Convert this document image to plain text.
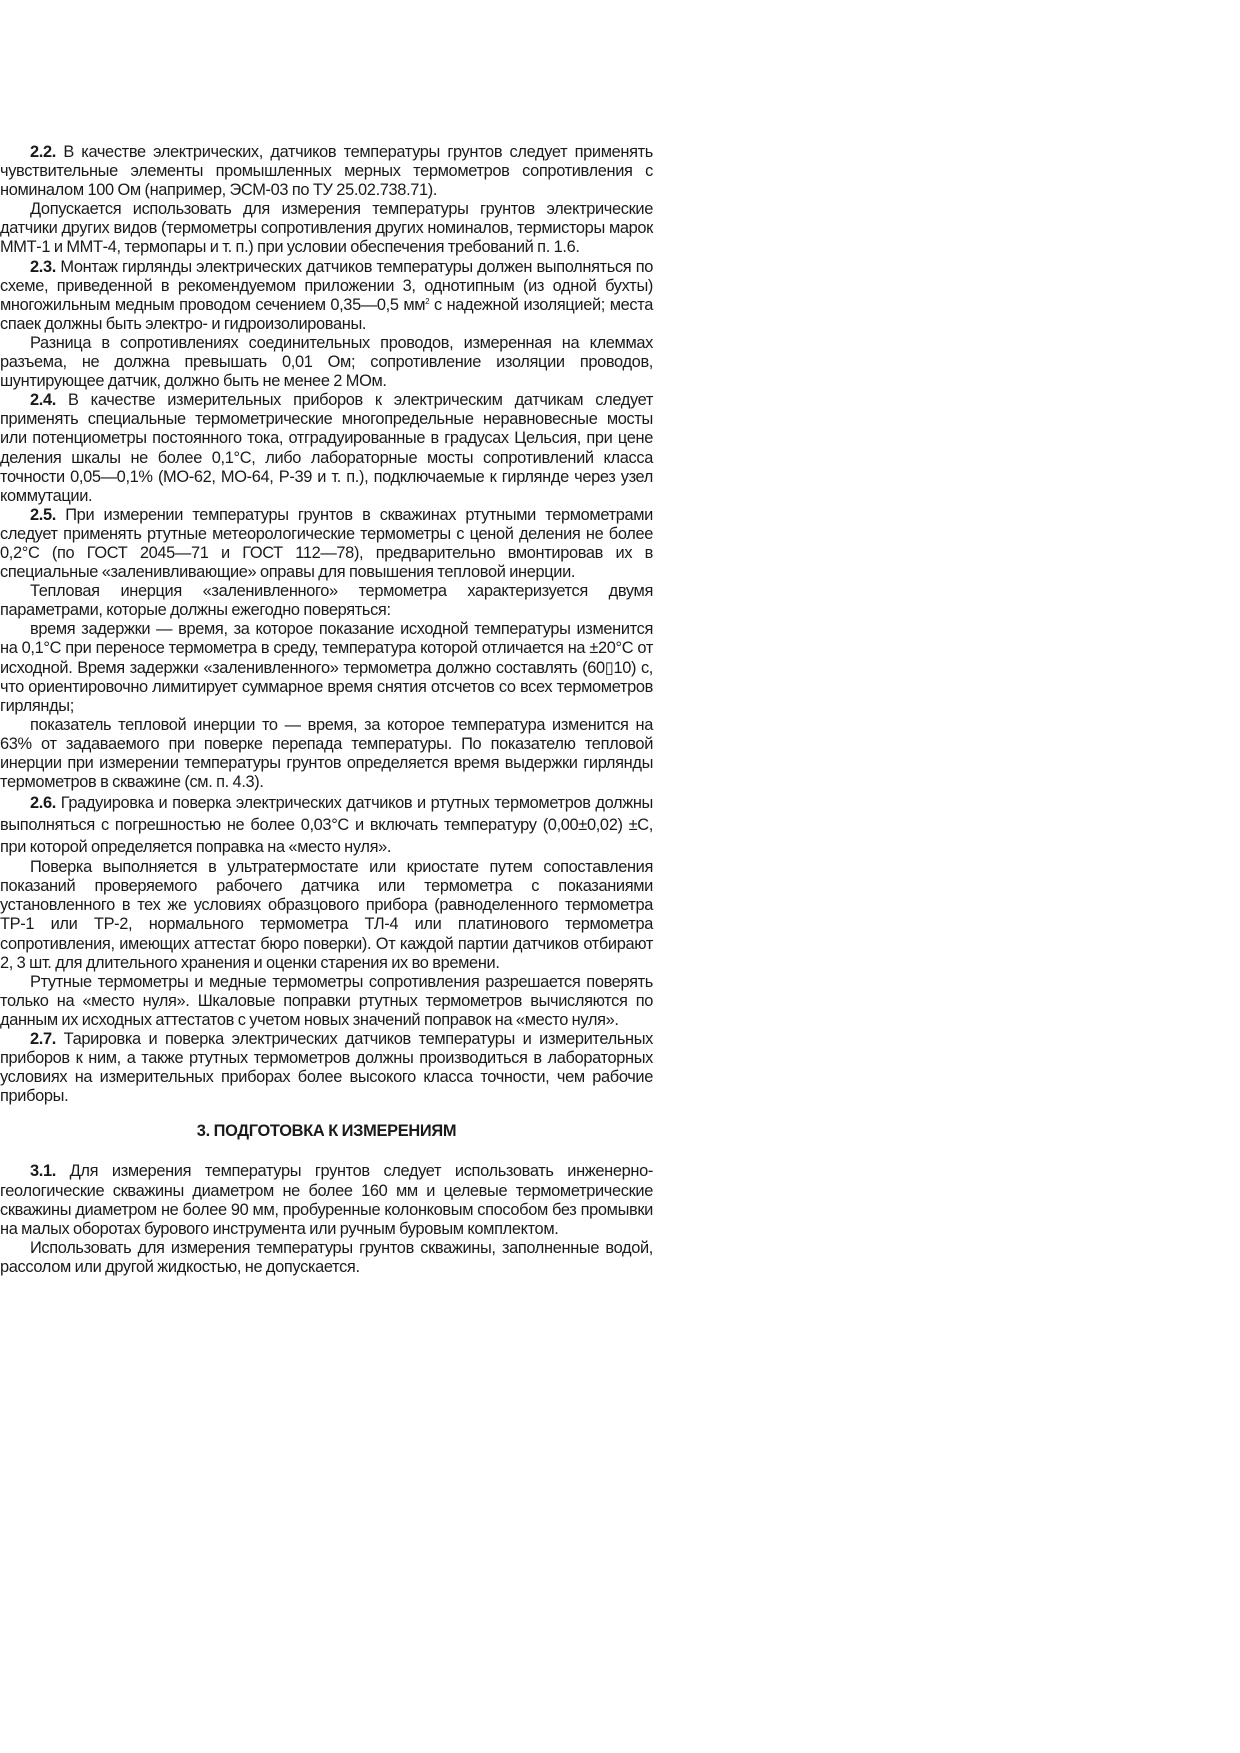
2.2. В качестве электрических, датчиков температуры грунтов следует применять чувствительные элементы промышленных мерных термометров сопротивления с номиналом 100 Ом (например, ЭСМ-03 по ТУ 25.02.738.71).

Допускается использовать для измерения температуры грунтов электрические датчики других видов (термометры сопротивления других номиналов, термисторы марок ММТ-1 и ММТ-4, термопары и т. п.) при условии обеспечения требований п. 1.6.

2.3. Монтаж гирлянды электрических датчиков температуры должен выполняться по схеме, приведенной в рекомендуемом приложении 3, однотипным (из одной бухты) многожильным медным проводом сечением 0,35—0,5 $мм^2$ с надежной изоляцией; места спаек должны быть электро- и гидроизолированы.

Разница в сопротивлениях соединительных проводов, измеренная на клеммах разъема, не должна превышать 0,01 Ом; сопротивление изоляции проводов, шунтирующее датчик, должно быть не менее 2 МОм.

2.4. В качестве измерительных приборов к электрическим датчикам следует применять специальные термометрические многопредельные неравновесные мосты или потенциометры постоянного тока, отградуированные в градусах Цельсия, при цене деления шкалы не более 0,1°С, либо лабораторные мосты сопротивлений класса точности 0,05—0,1% (МО-62, МО-64, Р-39 и т. п.), подключаемые к гирлянде через узел коммутации.

2.5. При измерении температуры грунтов в скважинах ртутными термометрами следует применять ртутные метеорологические термометры с ценой деления не более 0,2°С (по ГОСТ 2045—71 и ГОСТ 112—78), предварительно вмонтировав их в специальные «заленивливающие» оправы для повышения тепловой инерции.

Тепловая инерция «заленивленного» термометра характеризуется двумя параметрами, которые должны ежегодно поверяться:

время задержки — время, за которое показание исходной температуры изменится на 0,1°С при переносе термометра в среду, температура которой отличается на ±20°С от исходной. Время задержки «заленивленного» термометра должно составлять (60▯10) с, что ориентировочно лимитирует суммарное время снятия отсчетов со всех термометров гирлянды;

показатель тепловой инерции то — время, за которое температура изменится на 63% от задаваемого при поверке перепада температуры. По показателю тепловой инерции при измерении температуры грунтов определяется время выдержки гирлянды термометров в скважине (см. п. 4.3).

2.6. Градуировка и поверка электрических датчиков и ртутных термометров должны выполняться с погрешностью не более 0,03°С и включать температуру (0,00±0,02) ±С, при которой определяется поправка на «место нуля».

Поверка выполняется в ультратермостате или криостате путем сопоставления показаний проверяемого рабочего датчика или термометра с показаниями установленного в тех же условиях образцового прибора (равноделенного термометра ТР-1 или ТР-2, нормального термометра ТЛ-4 или платинового термометра сопротивления, имеющих аттестат бюро поверки). От каждой партии датчиков отбирают 2, 3 шт. для длительного хранения и оценки старения их во времени.

Ртутные термометры и медные термометры сопротивления разрешается поверять только на «место нуля». Шкаловые поправки ртутных термометров вычисляются по данным их исходных аттестатов с учетом новых значений поправок на «место нуля».

2.7. Тарировка и поверка электрических датчиков температуры и измерительных приборов к ним, а также ртутных термометров должны производиться в лабораторных условиях на измерительных приборах более высокого класса точности, чем рабочие приборы.

3. ПОДГОТОВКА К ИЗМЕРЕНИЯМ

3.1. Для измерения температуры грунтов следует использовать инженерно-геологические скважины диаметром не более 160 мм и целевые термометрические скважины диаметром не более 90 мм, пробуренные колонковым способом без промывки на малых оборотах бурового инструмента или ручным буровым комплектом.

Использовать для измерения температуры грунтов скважины, заполненные водой, рассолом или другой жидкостью, не допускается.
